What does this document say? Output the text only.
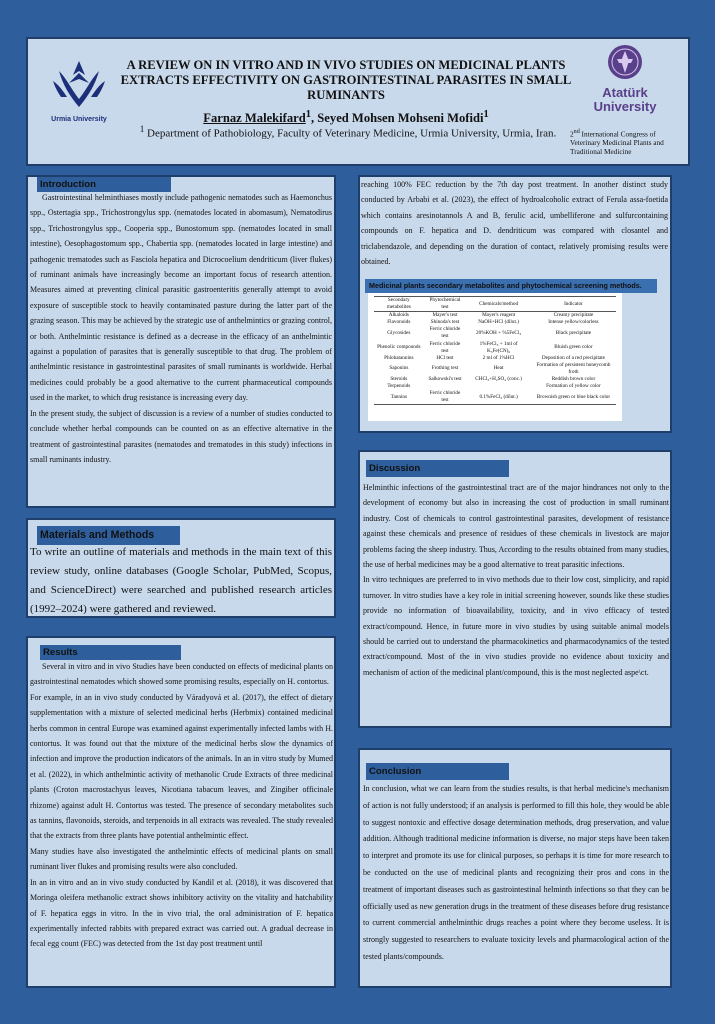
Urmia University
A REVIEW ON IN VITRO AND IN VIVO STUDIES ON MEDICINAL PLANTS EXTRACTS EFFECTIVITY ON GASTROINTESTINAL PARASITES IN SMALL RUMINANTS
Farnaz Malekifard$^1$, Seyed Mohsen Mohseni Mofidi$^1$
$^1$ Department of Pathobiology, Faculty of Veterinary Medicine, Urmia University, Urmia, Iran.
Atatürk University
2nd International Congress of Veterinary Medicinal Plants and Traditional Medicine
Introduction

Gastrointestinal helminthiases mostly include pathogenic nematodes such as Haemonchus spp., Ostertagia spp., Trichostrongylus spp. (nematodes located in abomasum), Nematodirus spp., Trichostrongylus spp., Cooperia spp., Bunostomum spp. (nematodes located in small intestine), Oesophagostomum spp., Chabertia spp. (nematodes located in large intestine) and pathogenic trematodes such as Fasciola hepatica and Dicrocoelium dendriticum (liver flukes) of ruminant animals have increasingly become an important focus of research attention. Measures aimed at preventing clinical parasitic gastroenteritis generally attempt to avoid exposure of susceptible stock to heavily contaminated pasture during the latter part of the grazing season. This may be achieved by the strategic use of anthelmintics or grazing control, or both. Anthelmintic resistance is defined as a decrease in the efficacy of an anthelmintic against a population of parasites that is generally susceptible to that drug. The problem of anthelmintic resistance in gastrointestinal parasites of small ruminants is worldwide. Herbal medicines could probably be a good alternative to the current pharmaceutical compounds used in the market, to which drug resistance is increasing every day.

In the present study, the subject of discussion is a review of a number of studies conducted to conclude whether herbal compounds can be counted on as an effective alternative in the treatment of gastrointestinal parasites (nematodes and trematodes in this study) infections in small ruminants industry.

Materials and Methods
To write an outline of materials and methods in the main text of this review study, online databases (Google Scholar, PubMed, Scopus, and ScienceDirect) were searched and published research articles (1992–2024) were gathered and reviewed.
Results

Several in vitro and in vivo Studies have been conducted on effects of medicinal plants on gastrointestinal nematodes which showed some promising results, especially on H. contortus.

For example, in an in vivo study conducted by Váradyová et al. (2017), the effect of dietary supplementation with a mixture of selected medicinal herbs (Herbmix) contained medicinal herbs common in central Europe was examined against experimentally infected lambs with H. contortus. It was found out that the mixture of the medicinal herbs slow the dynamics of infection and improve the production indicators of the animals. In an in vitro study by Mumed et al. (2022), in which anthelmintic activity of methanolic Crude Extracts of three medicinal plants (Croton macrostachyus leaves, Nicotiana tabacum leaves, and Zingiber officinale rhizome) against adult H. Contortus was tested. The presence of secondary metabolites such as tannins, flavonoids, steroids, and terpenoids in all extracts was revealed. The study revealed that the extracts from three plants have potential anthelmintic effect.

Many studies have also investigated the anthelmintic effects of medicinal plants on small ruminant liver flukes and promising results were also concluded.

In an in vitro and an in vivo study conducted by Kandil et al. (2018), it was discovered that Moringa oleifera methanolic extract shows inhibitory activity on the vitality and hatchability of F. hepatica eggs in vitro. In the in vivo trial, the oral administration of F. hepatica experimentally infected rabbits with prepared extract was carried out. A gradual decrease in fecal egg count (FEC) was detected from the 1st day post treatment until

reaching 100% FEC reduction by the 7th day post treatment. In another distinct study conducted by Arbabi et al. (2023), the effect of hydroalcoholic extract of Ferula assa-foetida which contains aresinotannols A and B, ferulic acid, umbelliferone and sulfurcontaining compounds on F. hepatica and D. dendriticum was compared with closantel and triclabendazole, and depending on the duration of contact, relatively promising results were obtained.
Medicinal plants secondary metabolites and phytochemical screening methods.
Secondary metabolites	Phytochemical test	Chemicals/method	Indicator
Alkaloids	Mayer's test	Mayer's reagent	Creamy precipitate
Flavonoids	Shinoda's test	NaOH+HCl (dilut.)	Intense yellow/colorless
Glycosides	Ferric chloride test	20%KOH + %5FeCl₃	Black precipitate
Phenolic compounds	Ferric chloride test	1%FeCl₃ + 1ml of K₃Fe(CN)₆	Bluish green color
Phlobatannins	HCl test	2 ml of 1%HCl	Deposition of a red precipitate
Saponins	Frothing test	Heat	Formation of persistent honeycomb froth
Steroids	Salkowski's test	CHCl₃+H₂SO₄ (conc.)	Reddish brown color
Terpenoids			Formation of yellow color
Tannins	Ferric chloride test	0.1%FeCl₃ (dilut.)	Brownish green or blue black color
Discussion

Helminthic infections of the gastrointestinal tract are of the major hindrances not only to the development of economy but also in increasing the cost of production in small ruminant industry. Cost of chemicals to control gastrointestinal parasites, development of resistance against these chemicals and presence of residues of these chemicals in livestock are major problems facing the sheep industry. Thus, According to the results obtained from many studies, the use of herbal medicines may be a good alternative to treat parasitic infections.

In vitro techniques are preferred to in vivo methods due to their low cost, simplicity, and rapid turnover. In vitro studies have a key role in initial screening however, sounds like these studies provide no information of bioavailability, toxicity, and in vivo efficacy of tested extract/compound. Hence, in future more in vivo studies by using suitable animal models should be carried out to understand the pharmacokinetics and pharmacodynamics of the tested extract/compound. Most of the in vivo studies provide no evidence about toxicity and mechanism of action of the medicinal plant/compound, this is the most neglected aspe\ct.

Conclusion
In conclusion, what we can learn from the studies results, is that herbal medicine's mechanism of action is not fully understood; if an analysis is performed to fill this hole, they would be able to suggest nontoxic and effective dosage determination methods, drug preservation, and value addition. Although traditional medicine information is diverse, no major steps have been taken to interpret and promote its use for clinical purposes, so perhaps it is time for more research to be conducted on the use of medicinal plants and recognizing their pros and cons in the treatment of important diseases such as gastrointestinal helminth infections so that they can be officially used as new generation drugs in the treatment of these diseases before drug resistance to current commercial anthelminthic drugs reaches a point where they become useless. It is strongly suggested to researchers to evaluate toxicity levels and pharmacological action of the tested plants/compounds.
